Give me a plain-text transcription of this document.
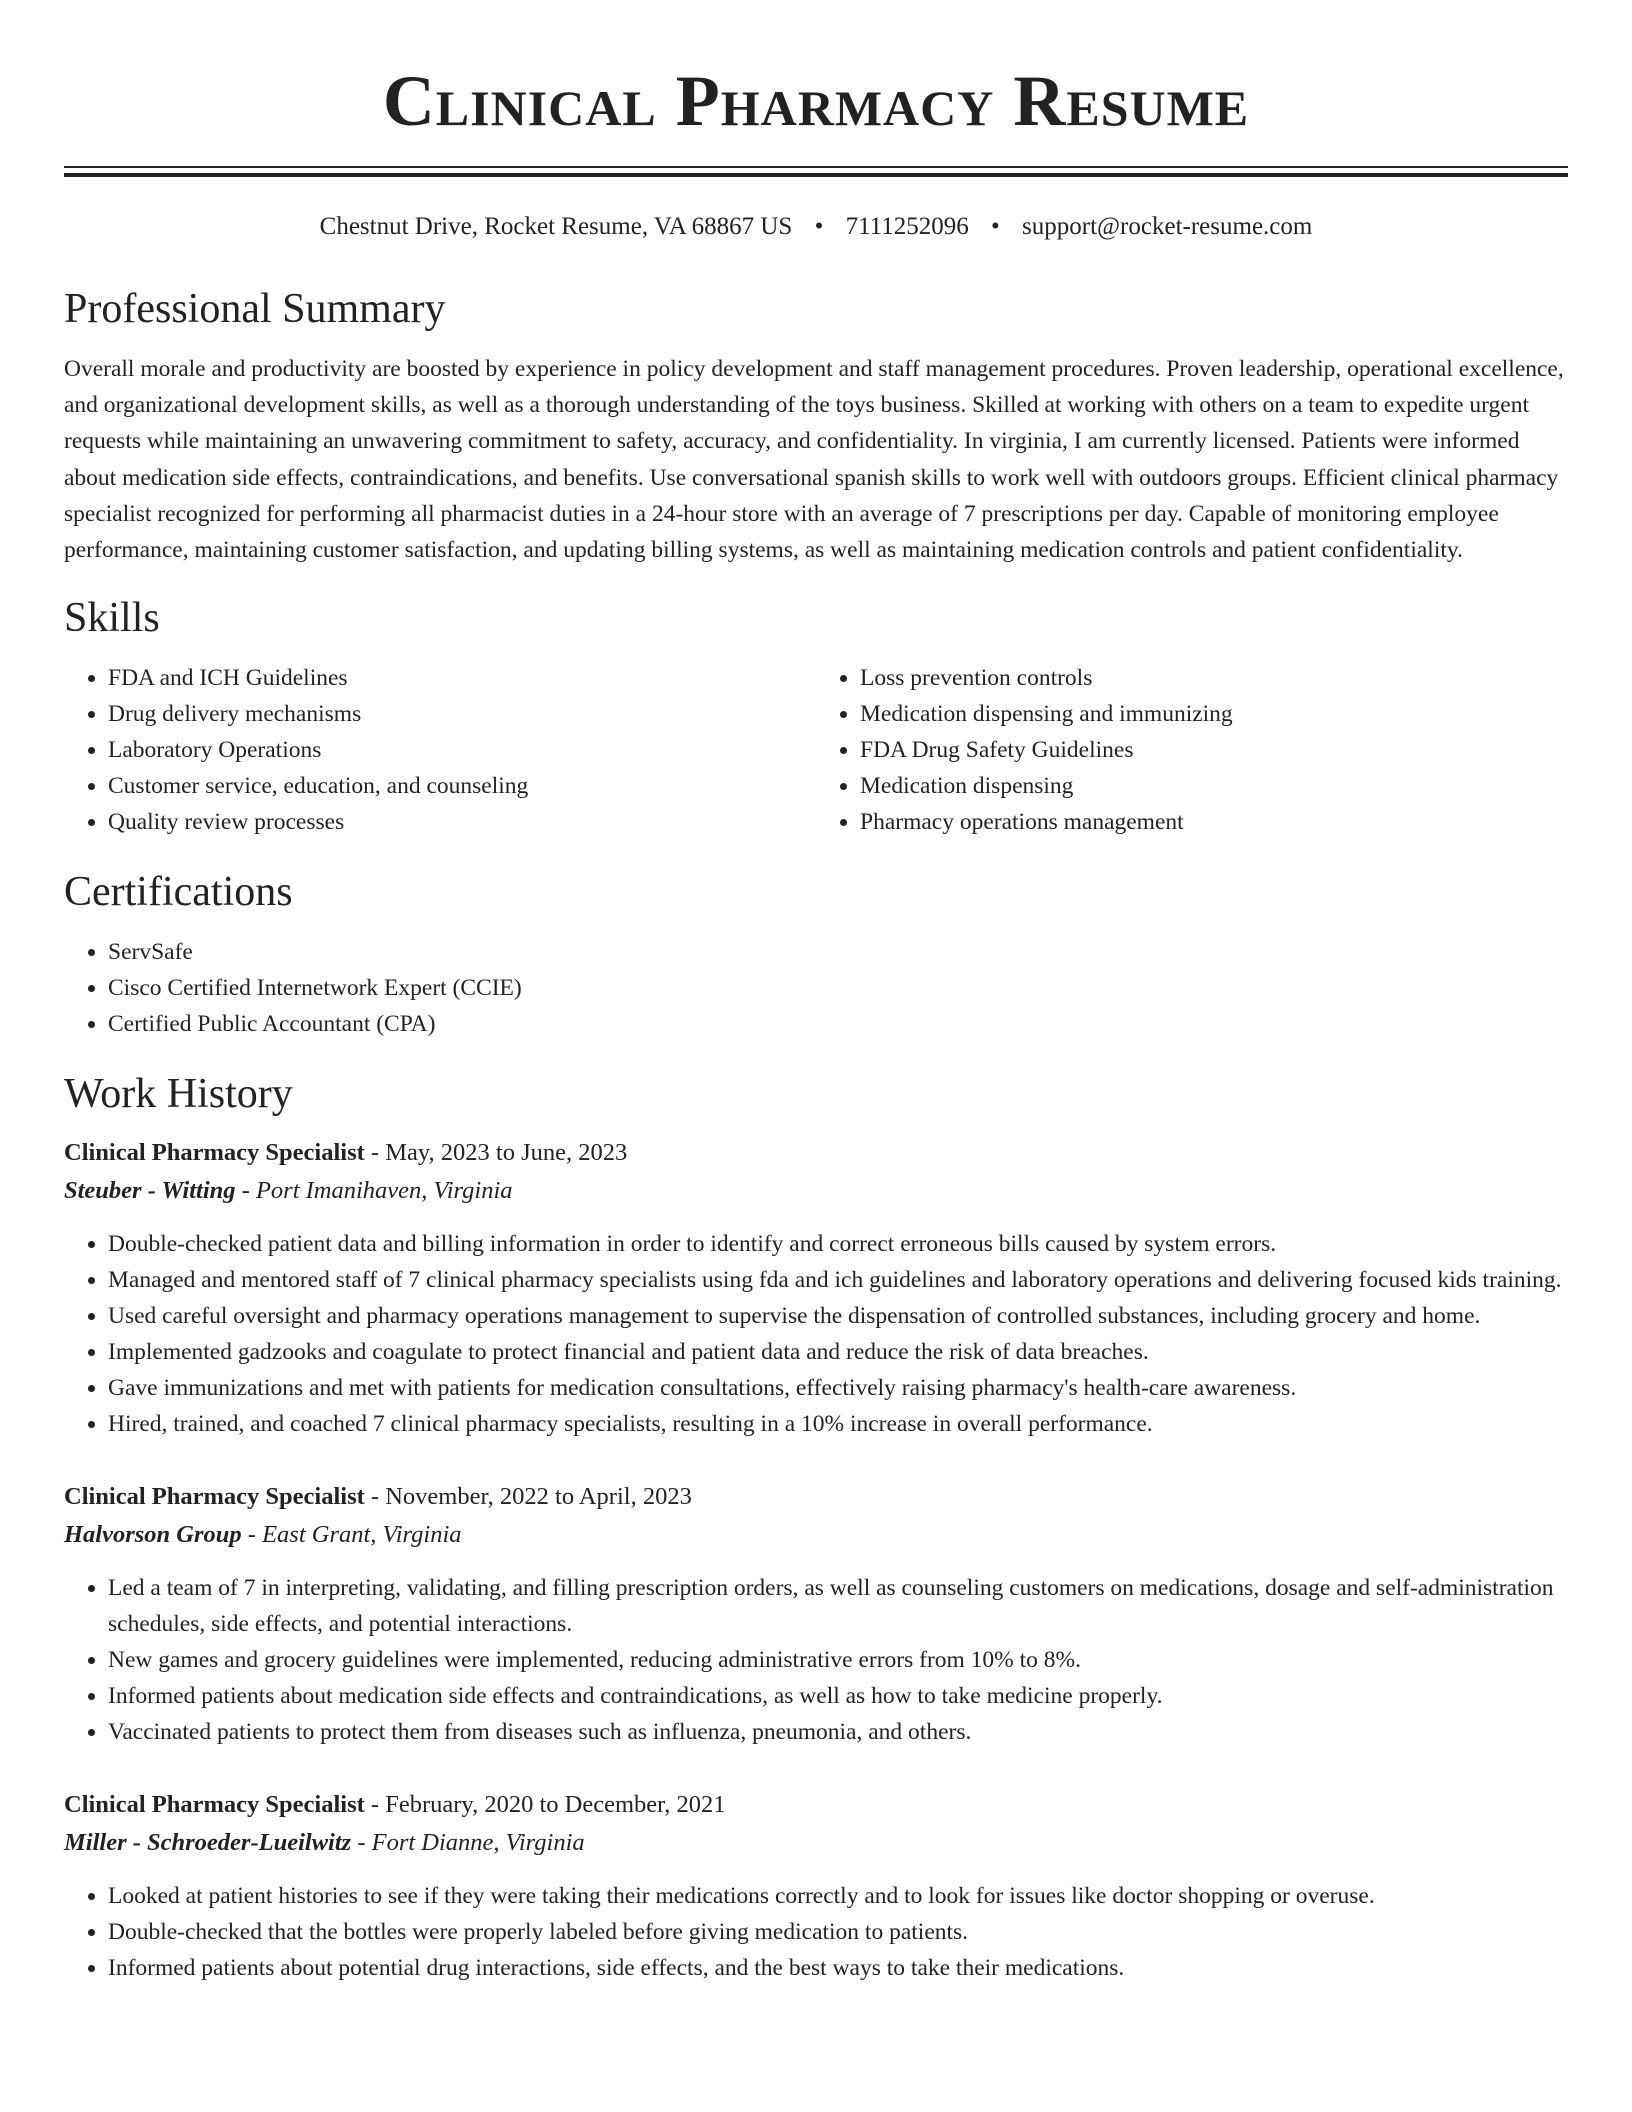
Clinical Pharmacy Resume
Chestnut Drive, Rocket Resume, VA 68867 US • 7111252096 • support@rocket-resume.com
Professional Summary
Overall morale and productivity are boosted by experience in policy development and staff management procedures. Proven leadership, operational excellence, and organizational development skills, as well as a thorough understanding of the toys business. Skilled at working with others on a team to expedite urgent requests while maintaining an unwavering commitment to safety, accuracy, and confidentiality. In virginia, I am currently licensed. Patients were informed about medication side effects, contraindications, and benefits. Use conversational spanish skills to work well with outdoors groups. Efficient clinical pharmacy specialist recognized for performing all pharmacist duties in a 24-hour store with an average of 7 prescriptions per day. Capable of monitoring employee performance, maintaining customer satisfaction, and updating billing systems, as well as maintaining medication controls and patient confidentiality.
Skills
• FDA and ICH Guidelines
• Drug delivery mechanisms
• Laboratory Operations
• Customer service, education, and counseling
• Quality review processes
• Loss prevention controls
• Medication dispensing and immunizing
• FDA Drug Safety Guidelines
• Medication dispensing
• Pharmacy operations management
Certifications
• ServSafe
• Cisco Certified Internetwork Expert (CCIE)
• Certified Public Accountant (CPA)
Work History
Clinical Pharmacy Specialist - May, 2023 to June, 2023
Steuber - Witting - Port Imanihaven, Virginia
• Double-checked patient data and billing information in order to identify and correct erroneous bills caused by system errors.
• Managed and mentored staff of 7 clinical pharmacy specialists using fda and ich guidelines and laboratory operations and delivering focused kids training.
• Used careful oversight and pharmacy operations management to supervise the dispensation of controlled substances, including grocery and home.
• Implemented gadzooks and coagulate to protect financial and patient data and reduce the risk of data breaches.
• Gave immunizations and met with patients for medication consultations, effectively raising pharmacy's health-care awareness.
• Hired, trained, and coached 7 clinical pharmacy specialists, resulting in a 10% increase in overall performance.
Clinical Pharmacy Specialist - November, 2022 to April, 2023
Halvorson Group - East Grant, Virginia
• Led a team of 7 in interpreting, validating, and filling prescription orders, as well as counseling customers on medications, dosage and self-administration schedules, side effects, and potential interactions.
• New games and grocery guidelines were implemented, reducing administrative errors from 10% to 8%.
• Informed patients about medication side effects and contraindications, as well as how to take medicine properly.
• Vaccinated patients to protect them from diseases such as influenza, pneumonia, and others.
Clinical Pharmacy Specialist - February, 2020 to December, 2021
Miller - Schroeder-Lueilwitz - Fort Dianne, Virginia
• Looked at patient histories to see if they were taking their medications correctly and to look for issues like doctor shopping or overuse.
• Double-checked that the bottles were properly labeled before giving medication to patients.
• Informed patients about potential drug interactions, side effects, and the best ways to take their medications.
